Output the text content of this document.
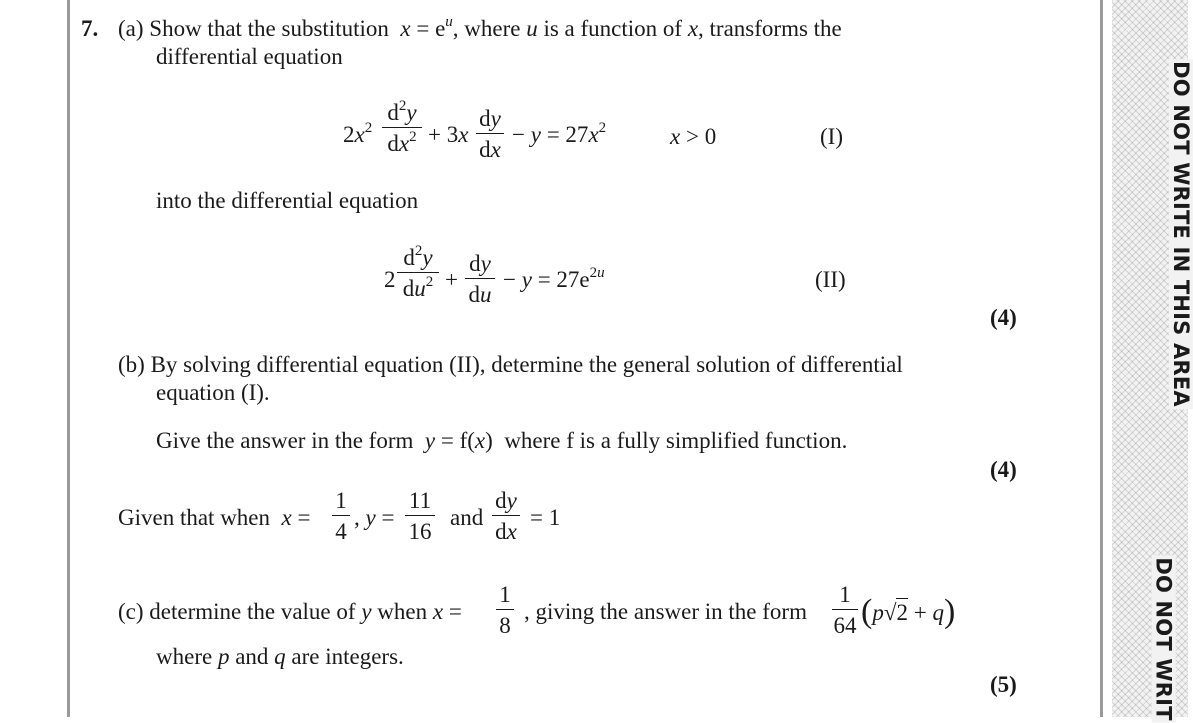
DO NOT WRITE IN THIS AREA
DO NOT WRIT
7. (a) Show that the substitution $x = e^u$, where u is a function of x, transforms the
differential equation
$2x^2$
$d^2y$
$dx^2 + 3x$
dy
dx
− $y = 27x^2$	x > 0	(I)
into the differential equation
2
$d^2y$
$du^2$ +
dy
du
− $y = 27e^{2u}$	(II)
(4)
(b) By solving differential equation (II), determine the general solution of differential
equation (I).
Give the answer in the form y = f(x)  where f is a fully simplified function.
(4)
Given that when x =
1
4
, y =
11
16
and
dy
dx
= 1
(c) determine the value of y when x =
1
8
, giving the answer in the form
1
64 (p√2 + q)
where p and q are integers.
(5)
